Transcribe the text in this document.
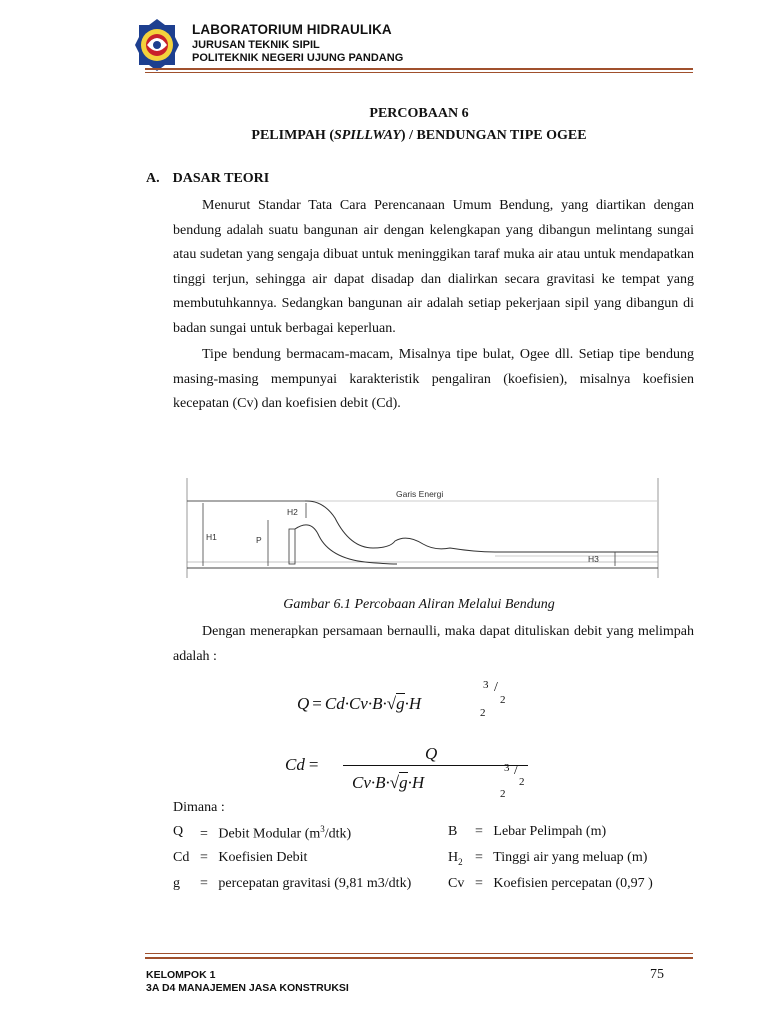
LABORATORIUM HIDRAULIKA
JURUSAN TEKNIK SIPIL
POLITEKNIK NEGERI UJUNG PANDANG
PERCOBAAN 6
PELIMPAH (SPILLWAY) / BENDUNGAN TIPE OGEE
A. DASAR TEORI
Menurut Standar Tata Cara Perencanaan Umum Bendung, yang diartikan dengan bendung adalah suatu bangunan air dengan kelengkapan yang dibangun melintang sungai atau sudetan yang sengaja dibuat untuk meninggikan taraf muka air atau untuk mendapatkan tinggi terjun, sehingga air dapat disadap dan dialirkan secara gravitasi ke tempat yang membutuhkannya. Sedangkan bangunan air adalah setiap pekerjaan sipil yang dibangun di badan sungai untuk berbagai keperluan.
Tipe bendung bermacam-macam, Misalnya tipe bulat, Ogee dll. Setiap tipe bendung masing-masing mempunyai karakteristik pengaliran (koefisien), misalnya koefisien kecepatan (Cv) dan koefisien debit (Cd).
Garis Energi
H1
H2
P
H3
Gambar 6.1 Percobaan Aliran Melalui Bendung
Dengan menerapkan persamaan bernaulli, maka dapat dituliskan debit yang melimpah adalah :
Q = Cd·Cv·B·√g·H
3 /
2
2
Cd =
Q
Cv·B·√g·H
3 /
2
2
Dimana :
Q =   Debit Modular $(m^3/dtk)$	B =   Lebar Pelimpah (m)
Cd =   Koefisien Debit	$H_2$ =   Tinggi air yang meluap (m)
g =   percepatan gravitasi (9,81 m3/dtk)	Cv =   Koefisien percepatan (0,97 )
KELOMPOK 1
3A D4 MANAJEMEN JASA KONSTRUKSI
75
